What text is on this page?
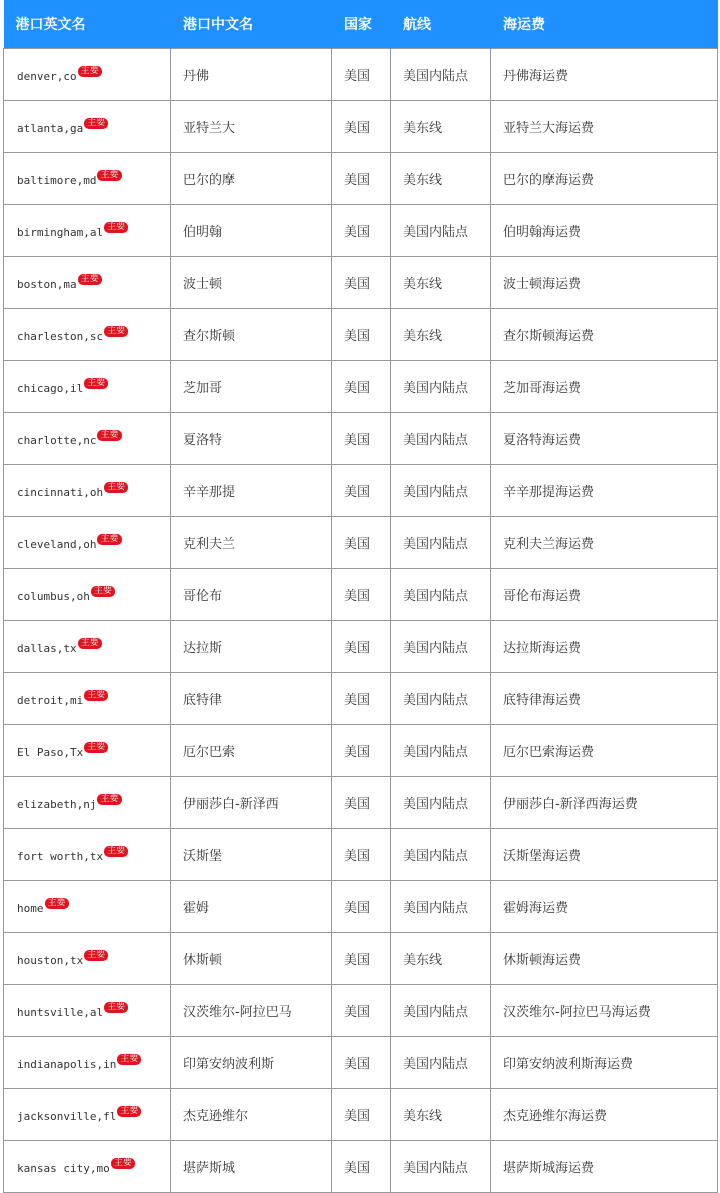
港口英文名	港口中文名	国家	航线	海运费
denver,co 主要	丹佛	美国	美国内陆点	丹佛海运费
atlanta,ga 主要	亚特兰大	美国	美东线	亚特兰大海运费
baltimore,md 主要	巴尔的摩	美国	美东线	巴尔的摩海运费
birmingham,al 主要	伯明翰	美国	美国内陆点	伯明翰海运费
boston,ma 主要	波士顿	美国	美东线	波士顿海运费
charleston,sc 主要	查尔斯顿	美国	美东线	查尔斯顿海运费
chicago,il 主要	芝加哥	美国	美国内陆点	芝加哥海运费
charlotte,nc 主要	夏洛特	美国	美国内陆点	夏洛特海运费
cincinnati,oh 主要	辛辛那提	美国	美国内陆点	辛辛那提海运费
cleveland,oh 主要	克利夫兰	美国	美国内陆点	克利夫兰海运费
columbus,oh 主要	哥伦布	美国	美国内陆点	哥伦布海运费
dallas,tx 主要	达拉斯	美国	美国内陆点	达拉斯海运费
detroit,mi 主要	底特律	美国	美国内陆点	底特律海运费
El Paso,Tx 主要	厄尔巴索	美国	美国内陆点	厄尔巴索海运费
elizabeth,nj 主要	伊丽莎白-新泽西	美国	美国内陆点	伊丽莎白-新泽西海运费
fort worth,tx 主要	沃斯堡	美国	美国内陆点	沃斯堡海运费
home 主要	霍姆	美国	美国内陆点	霍姆海运费
houston,tx 主要	休斯顿	美国	美东线	休斯顿海运费
huntsville,al 主要	汉茨维尔-阿拉巴马	美国	美国内陆点	汉茨维尔-阿拉巴马海运费
indianapolis,in 主要	印第安纳波利斯	美国	美国内陆点	印第安纳波利斯海运费
jacksonville,fl 主要	杰克逊维尔	美国	美东线	杰克逊维尔海运费
kansas city,mo 主要	堪萨斯城	美国	美国内陆点	堪萨斯城海运费
